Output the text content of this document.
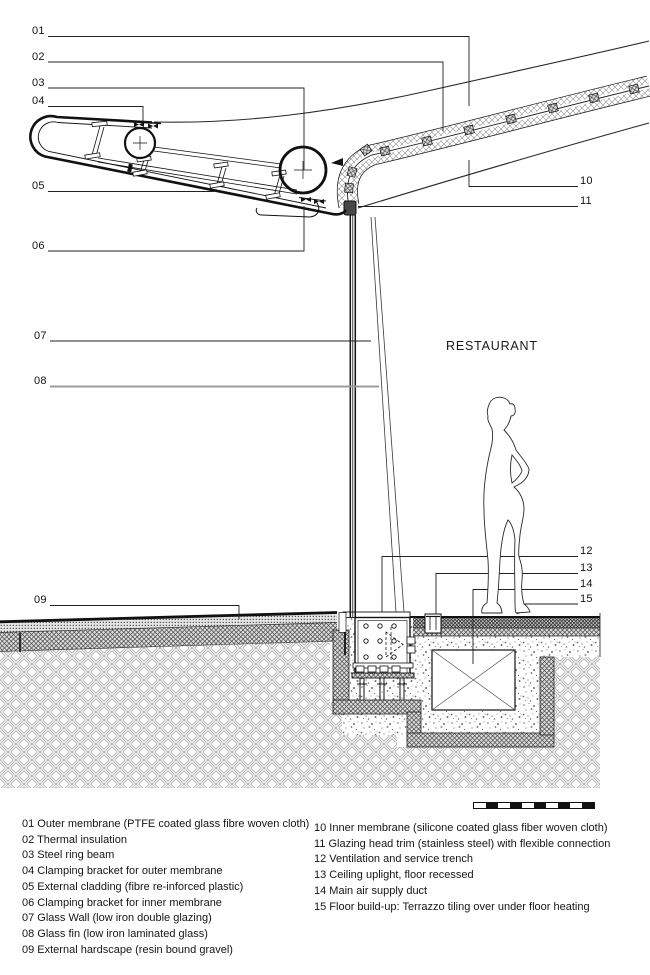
01
02
03
04
05
06
07
08
09
10
11
12
13
14
15
RESTAURANT
01 Outer membrane (PTFE coated glass fibre woven cloth)
02 Thermal insulation
03 Steel ring beam
04 Clamping bracket for outer membrane
05 External cladding (fibre re-inforced plastic)
06 Clamping bracket for inner membrane
07 Glass Wall (low iron double glazing)
08 Glass fin (low iron laminated glass)
09 External hardscape (resin bound gravel)
10 Inner membrane (silicone coated glass fiber woven cloth)
11 Glazing head trim (stainless steel) with flexible connection
12 Ventilation and service trench
13 Ceiling uplight, floor recessed
14 Main air supply duct
15 Floor build-up: Terrazzo tiling over under floor heating
